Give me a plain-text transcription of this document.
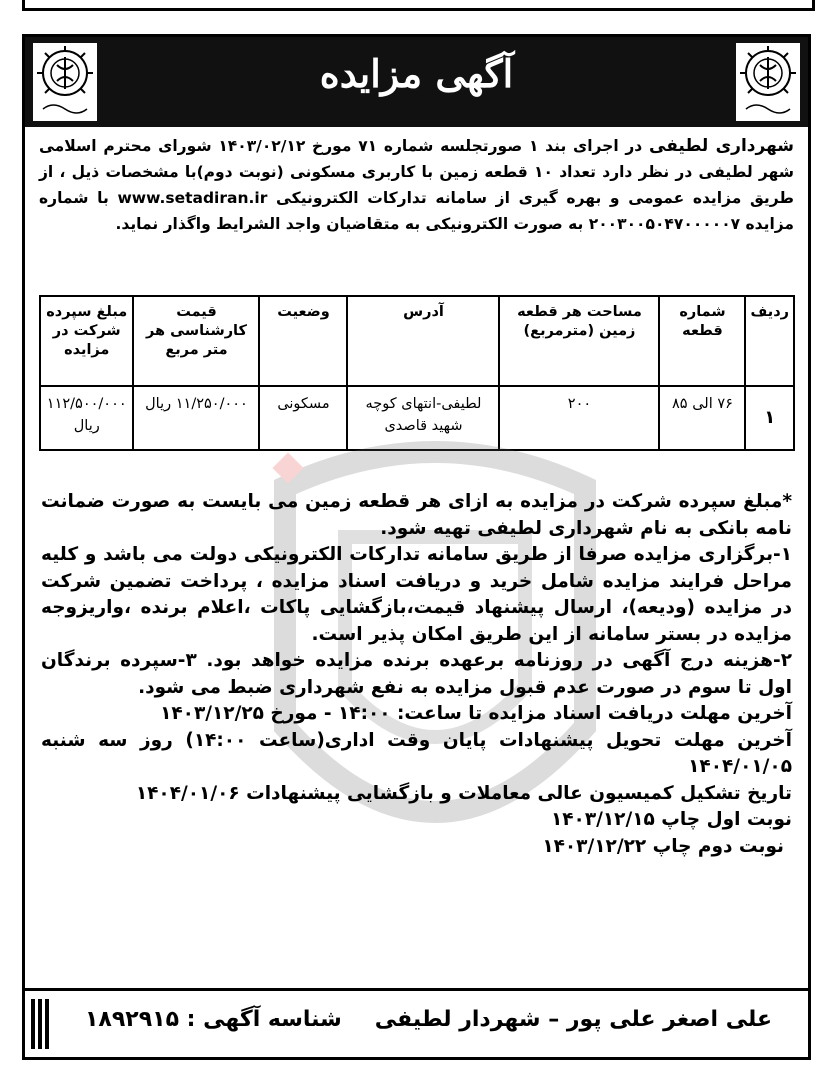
آگهی مزایده
شهرداری لطیفی در اجرای بند ۱ صورتجلسه شماره ۷۱ مورخ ۱۴۰۳/۰۲/۱۲ شورای محترم اسلامی شهر لطیفی در نظر دارد تعداد ۱۰ قطعه زمین با کاربری مسکونی (نوبت دوم)با مشخصات ذیل ، از طریق مزایده عمومی و بهره گیری از سامانه تدارکات الکترونیکی www.setadiran.ir با شماره مزایده ۲۰۰۳۰۰۵۰۴۷۰۰۰۰۰۷ به صورت الکترونیکی به متقاضیان واجد الشرایط واگذار نماید.
ردیف	شماره قطعه	مساحت هر قطعه زمین (مترمربع)	آدرس	وضعیت	قیمت کارشناسی هر متر مربع	مبلغ سپرده شرکت در مزایده
۱	۷۶ الی ۸۵	۲۰۰	لطیفی-انتهای کوچه شهید قاصدی	مسکونی	۱۱/۲۵۰/۰۰۰ ریال	۱۱۲/۵۰۰/۰۰۰ ریال

*مبلغ سپرده شرکت در مزایده به ازای هر قطعه زمین می بایست به صورت ضمانت نامه بانکی به نام شهرداری لطیفی تهیه شود.

۱-برگزاری مزایده صرفا از طریق سامانه تدارکات الکترونیکی دولت می باشد و کلیه مراحل فرایند مزایده شامل خرید و دریافت اسناد مزایده ، پرداخت تضمین شرکت در مزایده (ودیعه)، ارسال پیشنهاد قیمت،بازگشایی پاکات ،اعلام برنده ،واریزوجه مزایده در بستر سامانه از این طریق امکان پذیر است.

۲-هزینه درج آگهی در روزنامه برعهده برنده مزایده خواهد بود. ۳-سپرده برندگان اول تا سوم در صورت عدم قبول مزایده به نفع شهرداری ضبط می شود.

آخرین مهلت دریافت اسناد مزایده تا ساعت: ۱۴:۰۰ - مورخ ۱۴۰۳/۱۲/۲۵

آخرین مهلت تحویل پیشنهادات پایان وقت اداری(ساعت ۱۴:۰۰) روز سه شنبه ۱۴۰۴/۰۱/۰۵

تاریخ تشکیل کمیسیون عالی معاملات و بازگشایی پیشنهادات ۱۴۰۴/۰۱/۰۶

نوبت اول چاپ ۱۴۰۳/۱۲/۱۵

نوبت دوم چاپ ۱۴۰۳/۱۲/۲۲

شناسه آگهی : ۱۸۹۲۹۱۵ علی اصغر علی پور – شهردار لطیفی
